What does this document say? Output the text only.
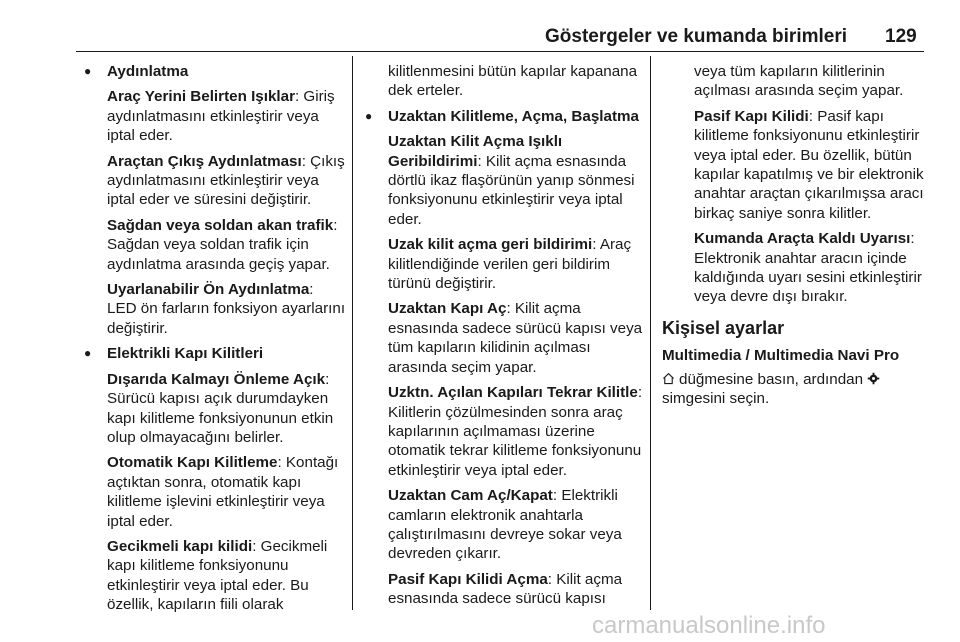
Göstergeler ve kumanda birimleri 129
● Aydınlatma

Araç Yerini Belirten Işıklar: Giriş aydınlatmasını etkinleştirir veya iptal eder.

Araçtan Çıkış Aydınlatması: Çıkış aydınlatmasını etkinleştirir veya iptal eder ve süresini değiştirir.

Sağdan veya soldan akan trafik: Sağdan veya soldan trafik için aydınlatma arasında geçiş yapar.

Uyarlanabilir Ön Aydınlatma: LED ön farların fonksiyon ayarlarını değiştirir.

● Elektrikli Kapı Kilitleri

Dışarıda Kalmayı Önleme Açık: Sürücü kapısı açık durumdayken kapı kilitleme fonksiyonunun etkin olup olmayacağını belirler.

Otomatik Kapı Kilitleme: Kontağı açtıktan sonra, otomatik kapı kilitleme işlevini etkinleştirir veya iptal eder.

Gecikmeli kapı kilidi: Gecikmeli kapı kilitleme fonksiyonunu etkinleştirir veya iptal eder. Bu özellik, kapıların fiili olarak

kilitlenmesini bütün kapılar kapanana dek erteler.

● Uzaktan Kilitleme, Açma, Başlatma

Uzaktan Kilit Açma Işıklı Geribildirimi: Kilit açma esnasında dörtlü ikaz flaşörünün yanıp sönmesi fonksiyonunu etkinleştirir veya iptal eder.

Uzak kilit açma geri bildirimi: Araç kilitlendiğinde verilen geri bildirim türünü değiştirir.

Uzaktan Kapı Aç: Kilit açma esnasında sadece sürücü kapısı veya tüm kapıların kilidinin açılması arasında seçim yapar.

Uzktn. Açılan Kapıları Tekrar Kilitle: Kilitlerin çözülmesinden sonra araç kapılarının açılmaması üzerine otomatik tekrar kilitleme fonksiyonunu etkinleştirir veya iptal eder.

Uzaktan Cam Aç/Kapat: Elektrikli camların elektronik anahtarla çalıştırılmasını devreye sokar veya devreden çıkarır.

Pasif Kapı Kilidi Açma: Kilit açma esnasında sadece sürücü kapısı

veya tüm kapıların kilitlerinin açılması arasında seçim yapar.

Pasif Kapı Kilidi: Pasif kapı kilitleme fonksiyonunu etkinleştirir veya iptal eder. Bu özellik, bütün kapılar kapatılmış ve bir elektronik anahtar araçtan çıkarılmışsa aracı birkaç saniye sonra kilitler.

Kumanda Araçta Kaldı Uyarısı: Elektronik anahtar aracın içinde kaldığında uyarı sesini etkinleştirir veya devre dışı bırakır.

Kişisel ayarlar
Multimedia / Multimedia Navi Pro

düğmesine basın, ardından
simgesini seçin.

carmanualsonline.info
